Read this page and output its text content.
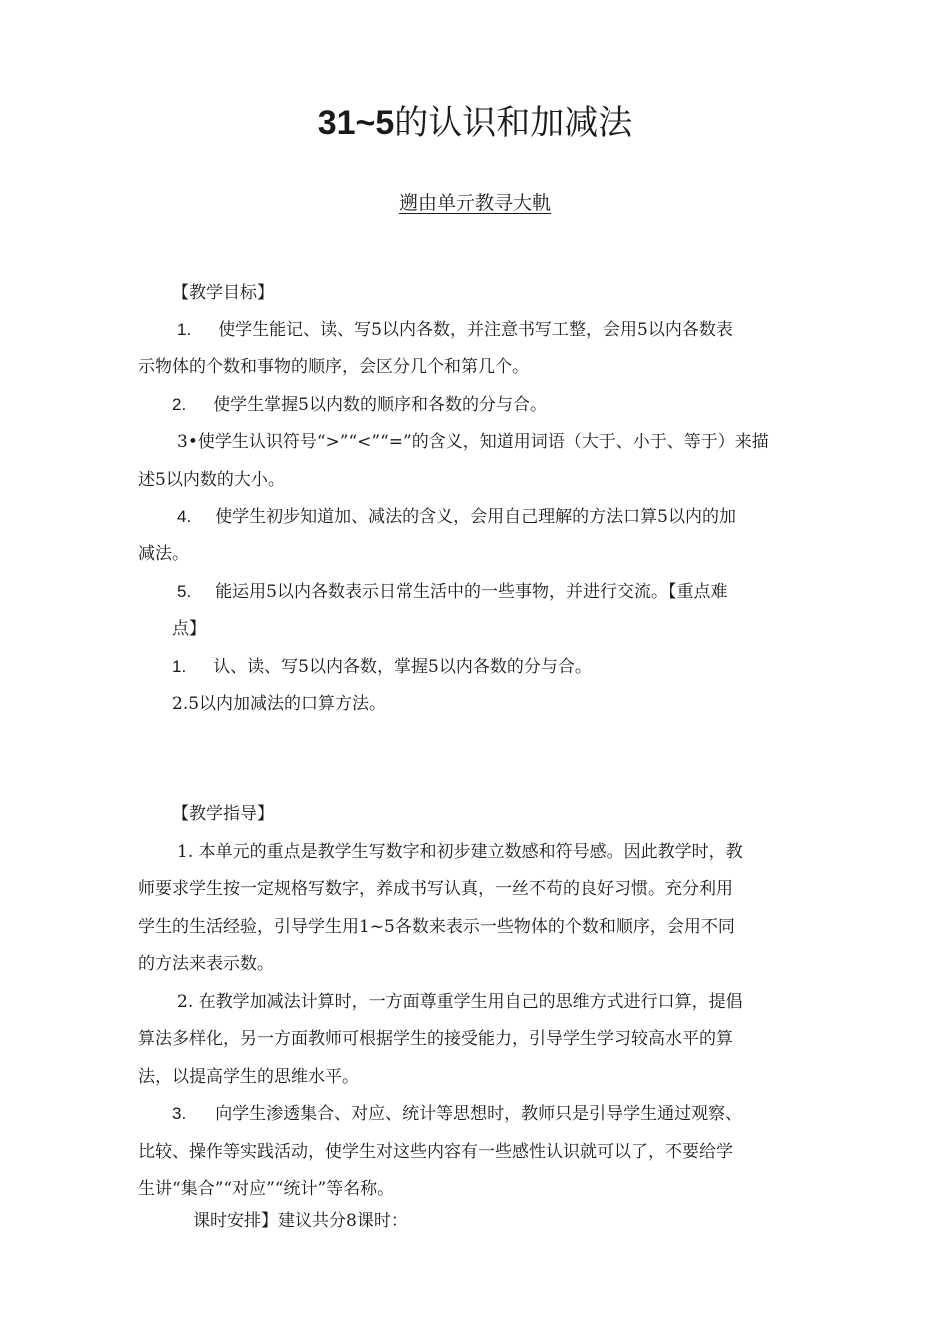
31~5的认识和加减法
遡由单亓教寻大軌
【教学目标】
1. 使学生能记、读、写5以内各数，并注意书写工整，会用5以内各数表
示物体的个数和事物的顺序，会区分几个和第几个。
2. 使学生掌握5以内数的顺序和各数的分与合。
3•使学生认识符号“>”“<”“=”的含义，知道用词语（大于、小于、等于）来描
述5以内数的大小。
4. 使学生初步知道加、减法的含义，会用自己理解的方法口算5以内的加
减法。
5. 能运用5以内各数表示日常生活中的一些事物，并进行交流。【重点难
点】
1. 认、读、写5以内各数，掌握5以内各数的分与合。
2.5以内加减法的口算方法。
【教学指导】
1. 本单元的重点是教学生写数字和初步建立数感和符号感。因此教学时，教
师要求学生按一定规格写数字，养成书写认真，一丝不苟的良好习惯。充分利用
学生的生活经验，引导学生用1~5各数来表示一些物体的个数和顺序，会用不同
的方法来表示数。
2. 在教学加减法计算时，一方面尊重学生用自己的思维方式进行口算，提倡
算法多样化，另一方面教师可根据学生的接受能力，引导学生学习较高水平的算
法，以提高学生的思维水平。
3. 向学生渗透集合、对应、统计等思想时，教师只是引导学生通过观察、
比较、操作等实践活动，使学生对这些内容有一些感性认识就可以了，不要给学
生讲“集合”“对应”“统计”等名称。
课时安排】建议共分8课时：
